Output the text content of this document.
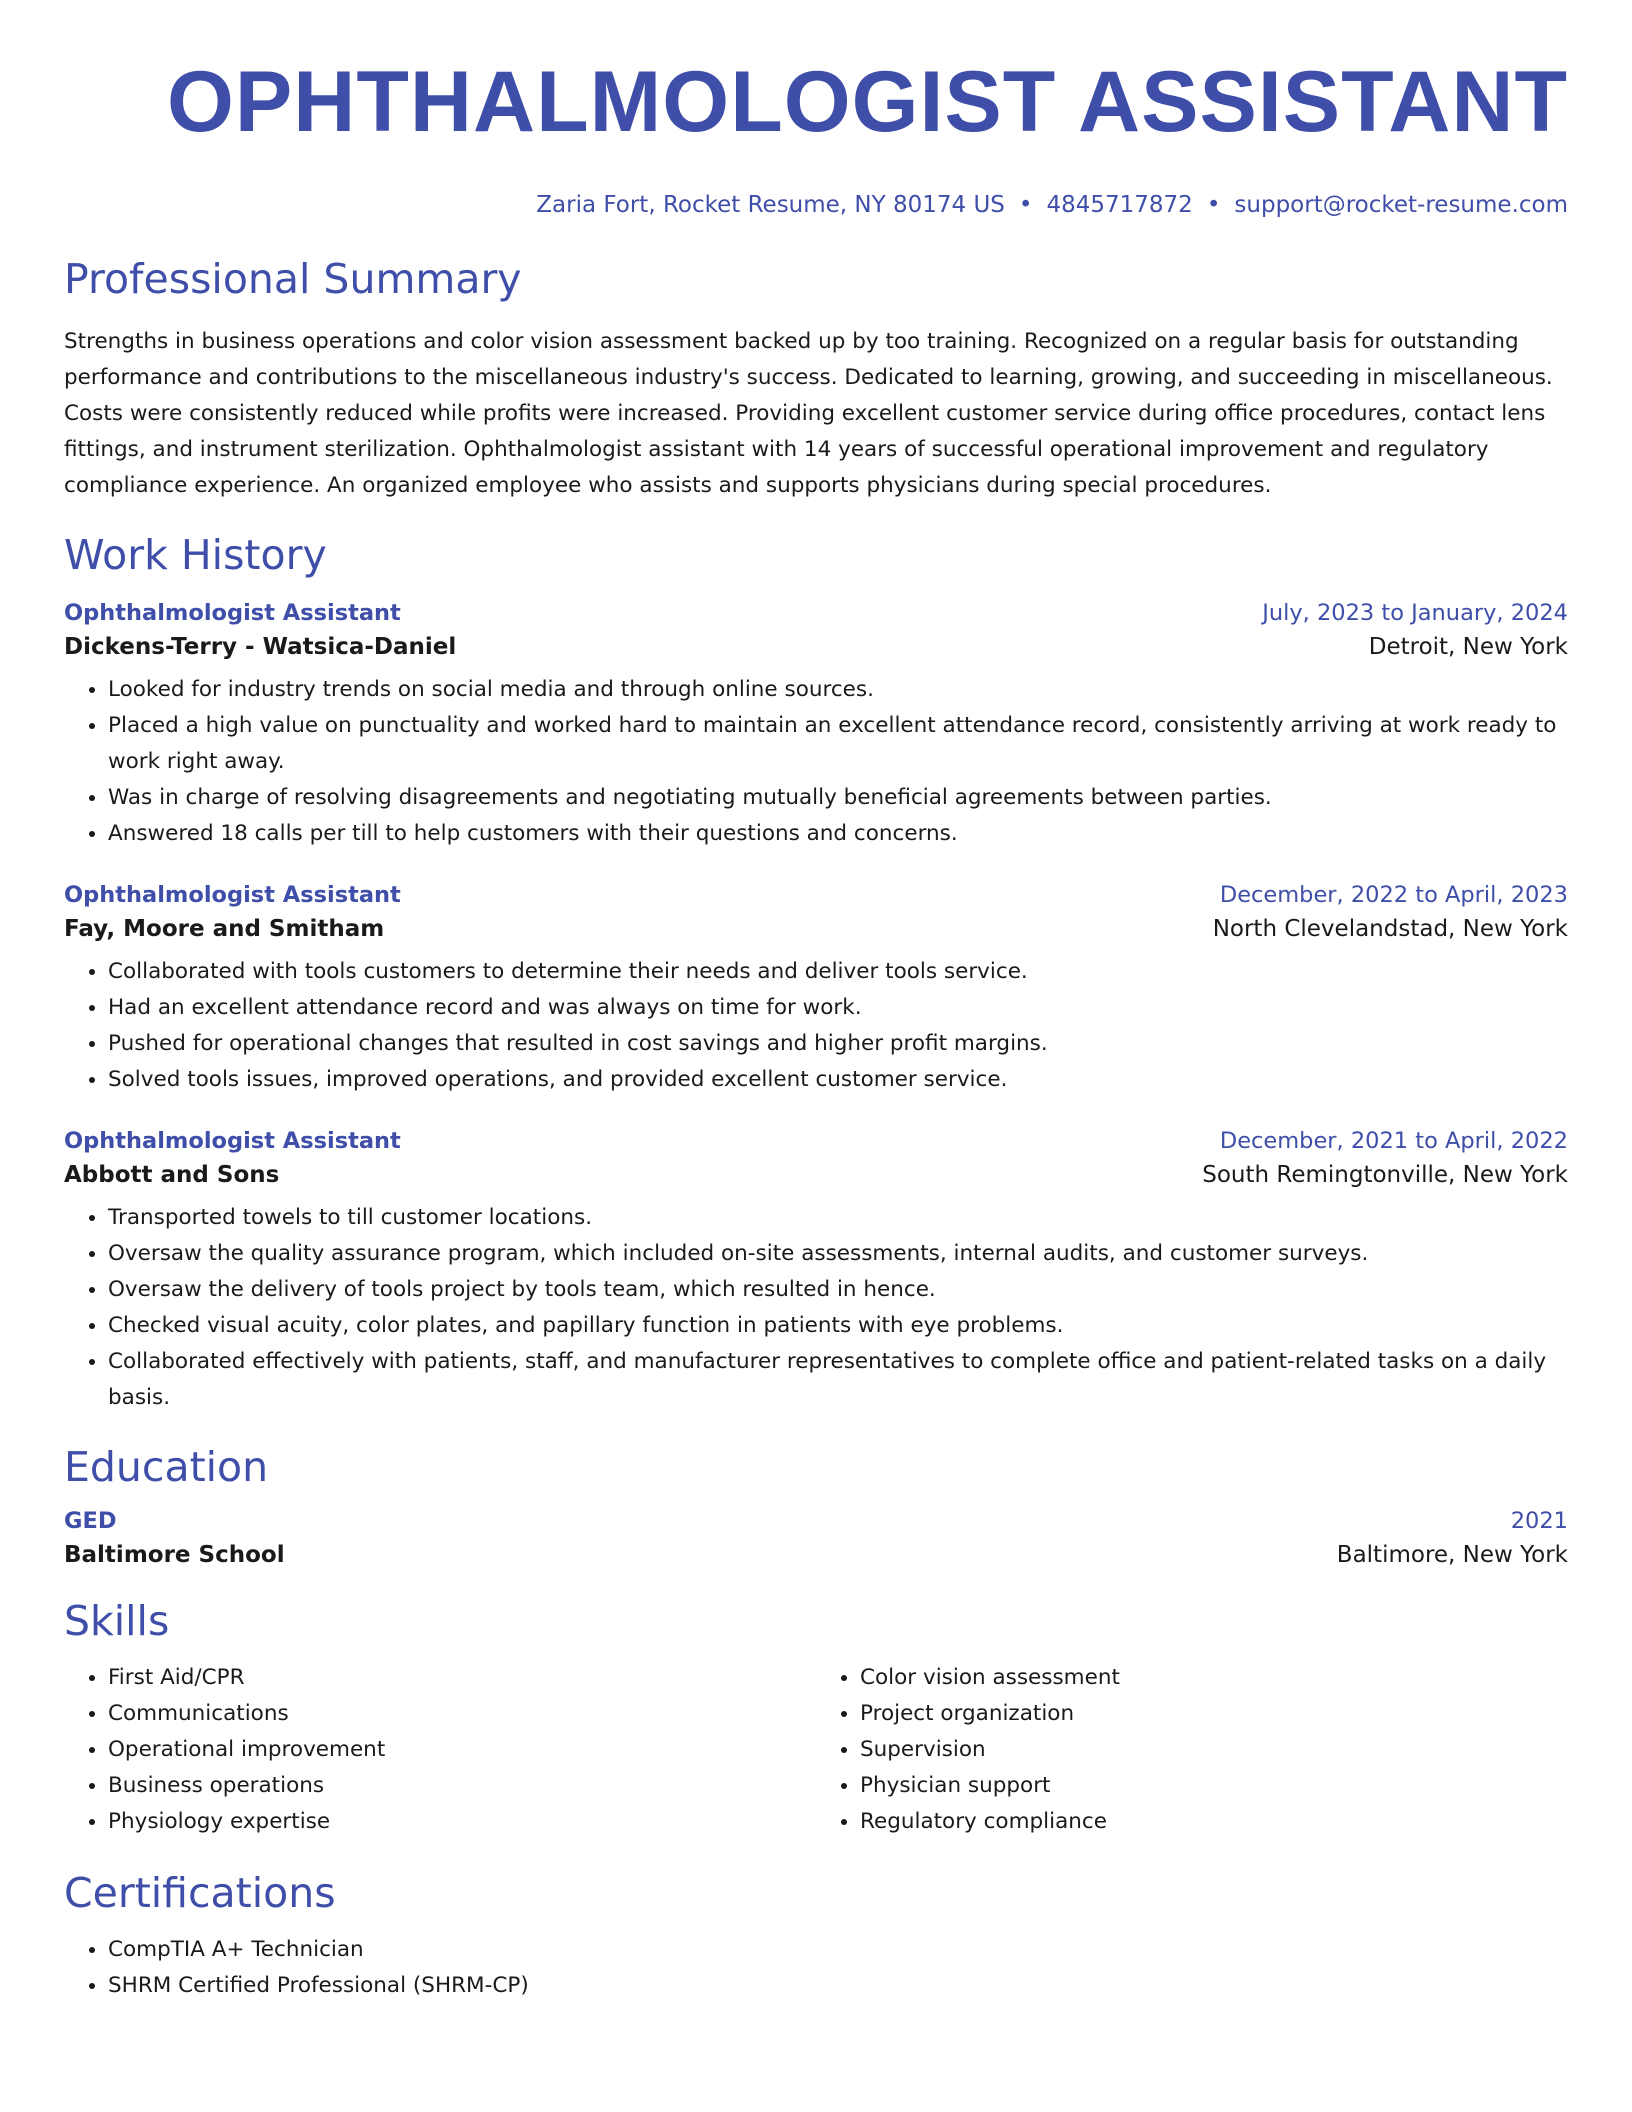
OPHTHALMOLOGIST ASSISTANT
Zaria Fort, Rocket Resume, NY 80174 US • 4845717872 • support@rocket-resume.com
Professional Summary

Strengths in business operations and color vision assessment backed up by too training. Recognized on a regular basis for outstanding performance and contributions to the miscellaneous industry's success. Dedicated to learning, growing, and succeeding in miscellaneous. Costs were consistently reduced while profits were increased. Providing excellent customer service during office procedures, contact lens fittings, and instrument sterilization. Ophthalmologist assistant with 14 years of successful operational improvement and regulatory compliance experience. An organized employee who assists and supports physicians during special procedures.

Work History
Ophthalmologist Assistant	July, 2023 to January, 2024
Dickens-Terry - Watsica-Daniel	Detroit, New York
• Looked for industry trends on social media and through online sources.
• Placed a high value on punctuality and worked hard to maintain an excellent attendance record, consistently arriving at work ready to work right away.
• Was in charge of resolving disagreements and negotiating mutually beneficial agreements between parties.
• Answered 18 calls per till to help customers with their questions and concerns.
Ophthalmologist Assistant	December, 2022 to April, 2023
Fay, Moore and Smitham	North Clevelandstad, New York
• Collaborated with tools customers to determine their needs and deliver tools service.
• Had an excellent attendance record and was always on time for work.
• Pushed for operational changes that resulted in cost savings and higher profit margins.
• Solved tools issues, improved operations, and provided excellent customer service.
Ophthalmologist Assistant	December, 2021 to April, 2022
Abbott and Sons	South Remingtonville, New York
• Transported towels to till customer locations.
• Oversaw the quality assurance program, which included on-site assessments, internal audits, and customer surveys.
• Oversaw the delivery of tools project by tools team, which resulted in hence.
• Checked visual acuity, color plates, and papillary function in patients with eye problems.
• Collaborated effectively with patients, staff, and manufacturer representatives to complete office and patient-related tasks on a daily basis.
Education
GED	2021
Baltimore School	Baltimore, New York
Skills
• First Aid/CPR
• Communications
• Operational improvement
• Business operations
• Physiology expertise
• Color vision assessment
• Project organization
• Supervision
• Physician support
• Regulatory compliance
Certifications
• CompTIA A+ Technician
• SHRM Certified Professional (SHRM-CP)
